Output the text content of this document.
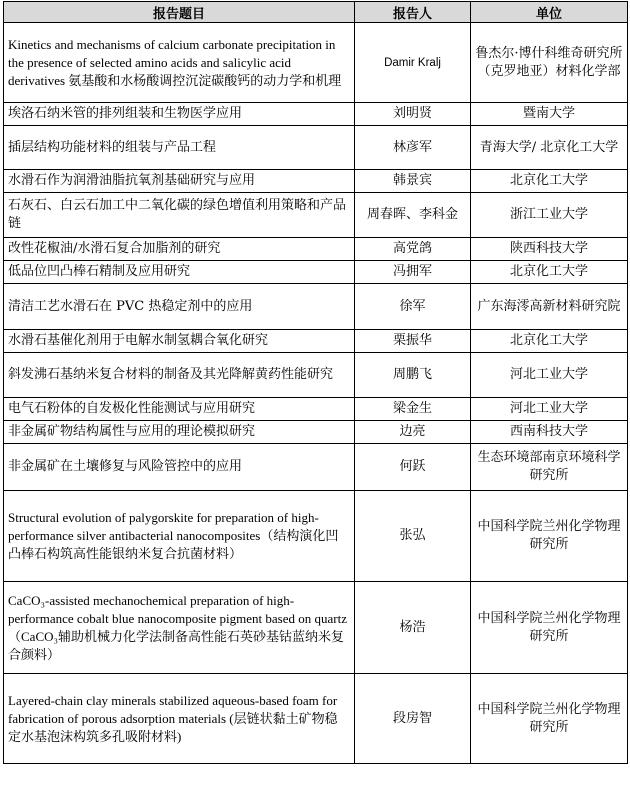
报告题目	报告人	单位
Kinetics and mechanisms of calcium carbonate precipitation in the presence of selected amino acids and salicylic acid derivatives 氨基酸和水杨酸调控沉淀碳酸钙的动力学和机理	Damir Kralj	鲁杰尔·博什科维奇研究所（克罗地亚）材料化学部
埃洛石纳米管的排列组装和生物医学应用	刘明贤	暨南大学
插层结构功能材料的组装与产品工程	林彦军	青海大学/ 北京化工大学
水滑石作为润滑油脂抗氧剂基础研究与应用	韩景宾	北京化工大学
石灰石、白云石加工中二氧化碳的绿色增值利用策略和产品链	周春晖、李科金	浙江工业大学
改性花椒油/水滑石复合加脂剂的研究	高党鸽	陕西科技大学
低品位凹凸棒石精制及应用研究	冯拥军	北京化工大学
清洁工艺水滑石在 PVC 热稳定剂中的应用	徐军	广东海澪高新材料研究院
水滑石基催化剂用于电解水制氢耦合氧化研究	栗振华	北京化工大学
斜发沸石基纳米复合材料的制备及其光降解黄药性能研究	周鹏飞	河北工业大学
电气石粉体的自发极化性能测试与应用研究	梁金生	河北工业大学
非金属矿物结构属性与应用的理论模拟研究	边亮	西南科技大学
非金属矿在土壤修复与风险管控中的应用	何跃	生态环境部南京环境科学研究所
Structural evolution of palygorskite for preparation of high-performance silver antibacterial nanocomposites（结构演化凹凸棒石构筑高性能银纳米复合抗菌材料）	张弘	中国科学院兰州化学物理研究所
CaCO₃-assisted mechanochemical preparation of high-performance cobalt blue nanocomposite pigment based on quartz（CaCO₃辅助机械力化学法制备高性能石英砂基钴蓝纳米复合颜料）	杨浩	中国科学院兰州化学物理研究所
Layered-chain clay minerals stabilized aqueous-based foam for fabrication of porous adsorption materials (层链状黏土矿物稳定水基泡沫构筑多孔吸附材料)	段房智	中国科学院兰州化学物理研究所
